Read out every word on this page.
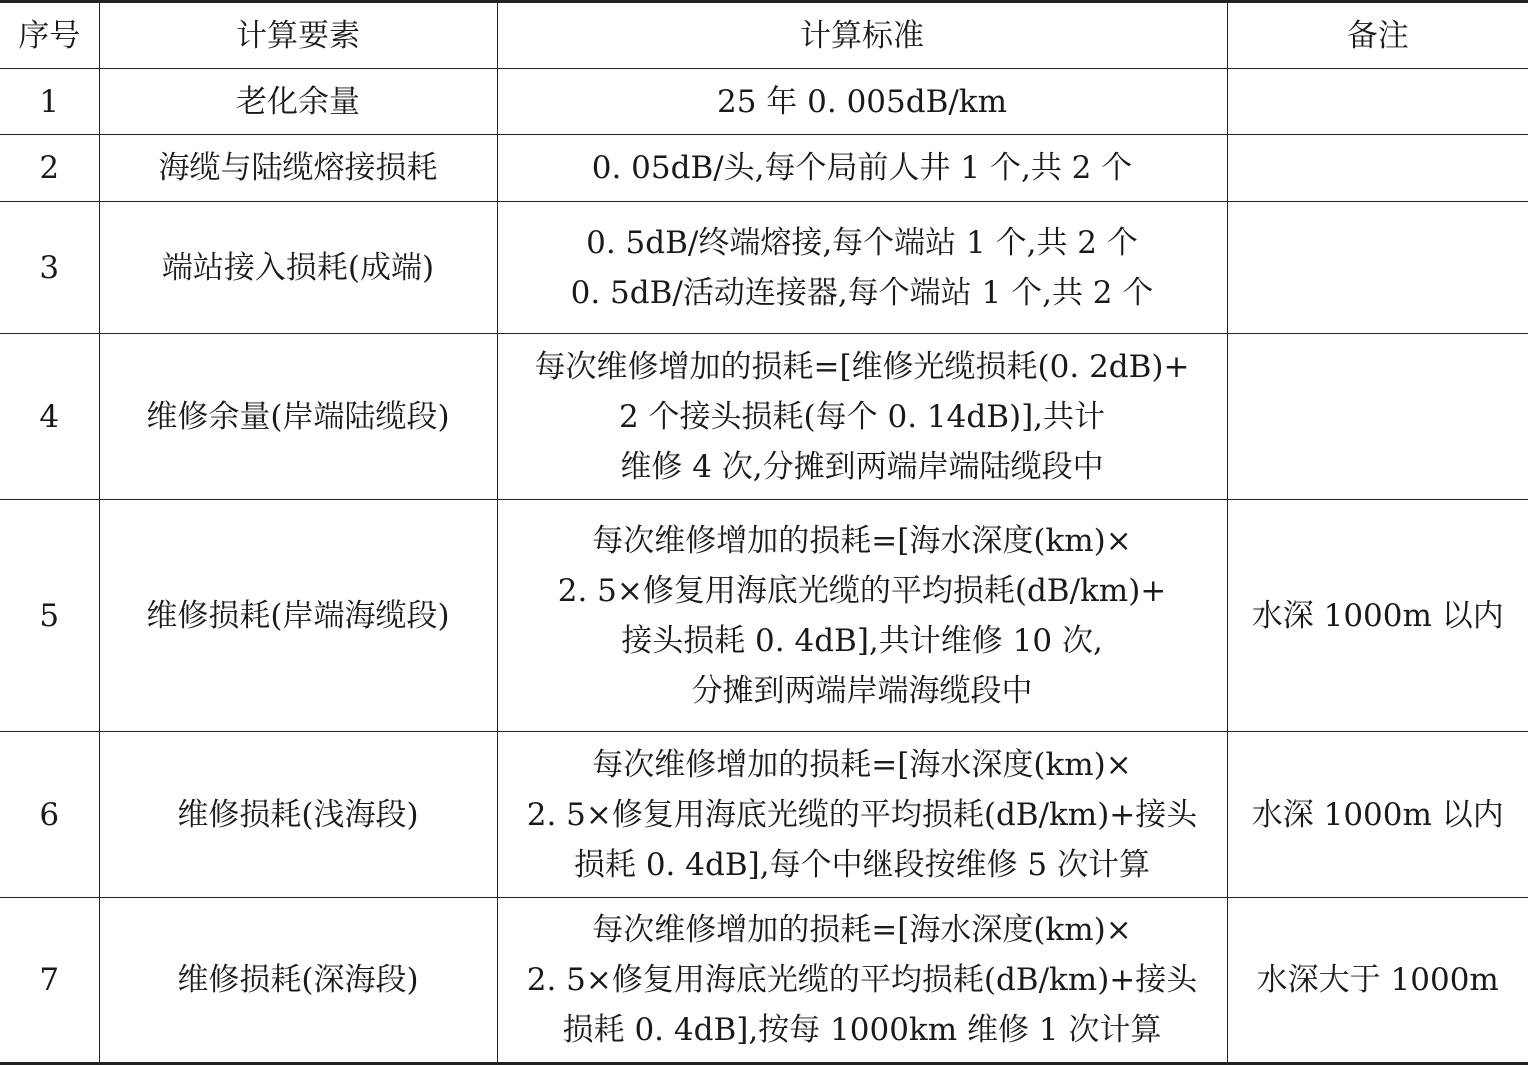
序号	计算要素	计算标准	备注
1	老化余量	25 年 0. 005dB/km	

2	海缆与陆缆熔接损耗	0. 05dB/头,每个局前人井 1 个,共 2 个	

3	端站接入损耗(成端)	0. 5dB/终端熔接,每个端站 1 个,共 2 个
0. 5dB/活动连接器,每个端站 1 个,共 2 个	

4	维修余量(岸端陆缆段)	每次维修增加的损耗=[维修光缆损耗(0. 2dB)+
2 个接头损耗(每个 0. 14dB)],共计
维修 4 次,分摊到两端岸端陆缆段中	

5	维修损耗(岸端海缆段)	每次维修增加的损耗=[海水深度(km)×
2. 5×修复用海底光缆的平均损耗(dB/km)+
接头损耗 0. 4dB],共计维修 10 次,
分摊到两端岸端海缆段中	水深 1000m 以内
6	维修损耗(浅海段)	每次维修增加的损耗=[海水深度(km)×
2. 5×修复用海底光缆的平均损耗(dB/km)+接头
损耗 0. 4dB],每个中继段按维修 5 次计算	水深 1000m 以内
7	维修损耗(深海段)	每次维修增加的损耗=[海水深度(km)×
2. 5×修复用海底光缆的平均损耗(dB/km)+接头
损耗 0. 4dB],按每 1000km 维修 1 次计算	水深大于 1000m
